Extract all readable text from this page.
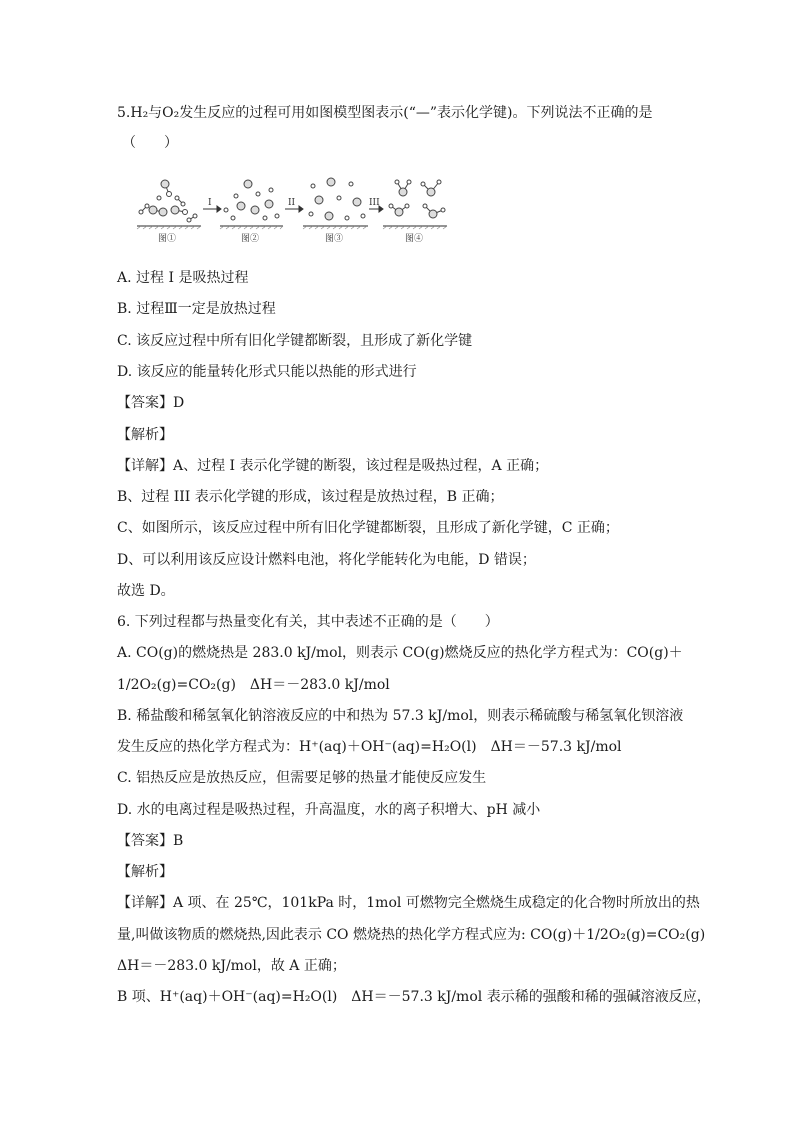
5.H₂与O₂发生反应的过程可用如图模型图表示(“—”表示化学键)。下列说法不正确的是
（　　）
I	II	III
图①	图②	图③	图④
A. 过程 I 是吸热过程
B. 过程Ⅲ一定是放热过程
C. 该反应过程中所有旧化学键都断裂，且形成了新化学键
D. 该反应的能量转化形式只能以热能的形式进行
【答案】D
【解析】
【详解】A、过程 I 表示化学键的断裂，该过程是吸热过程，A 正确；
B、过程 III 表示化学键的形成，该过程是放热过程，B 正确；
C、如图所示，该反应过程中所有旧化学键都断裂，且形成了新化学键，C 正确；
D、可以利用该反应设计燃料电池，将化学能转化为电能，D 错误；
故选 D。
6. 下列过程都与热量变化有关，其中表述不正确的是（　　）
A. CO(g)的燃烧热是 283.0 kJ/mol，则表示 CO(g)燃烧反应的热化学方程式为：CO(g)＋
1/2O₂(g)=CO₂(g)　ΔH＝－283.0 kJ/mol
B. 稀盐酸和稀氢氧化钠溶液反应的中和热为 57.3 kJ/mol，则表示稀硫酸与稀氢氧化钡溶液
发生反应的热化学方程式为：H⁺(aq)＋OH⁻(aq)=H₂O(l)　ΔH＝－57.3 kJ/mol
C. 铝热反应是放热反应，但需要足够的热量才能使反应发生
D. 水的电离过程是吸热过程，升高温度，水的离子积增大、pH 减小
【答案】B
【解析】
【详解】A 项、在 25℃，101kPa 时，1mol 可燃物完全燃烧生成稳定的化合物时所放出的热
量,叫做该物质的燃烧热,因此表示 CO 燃烧热的热化学方程式应为: CO(g)＋1/2O₂(g)=CO₂(g)
ΔH＝－283.0 kJ/mol，故 A 正确；
B 项、H⁺(aq)＋OH⁻(aq)=H₂O(l)　ΔH＝－57.3 kJ/mol 表示稀的强酸和稀的强碱溶液反应，
